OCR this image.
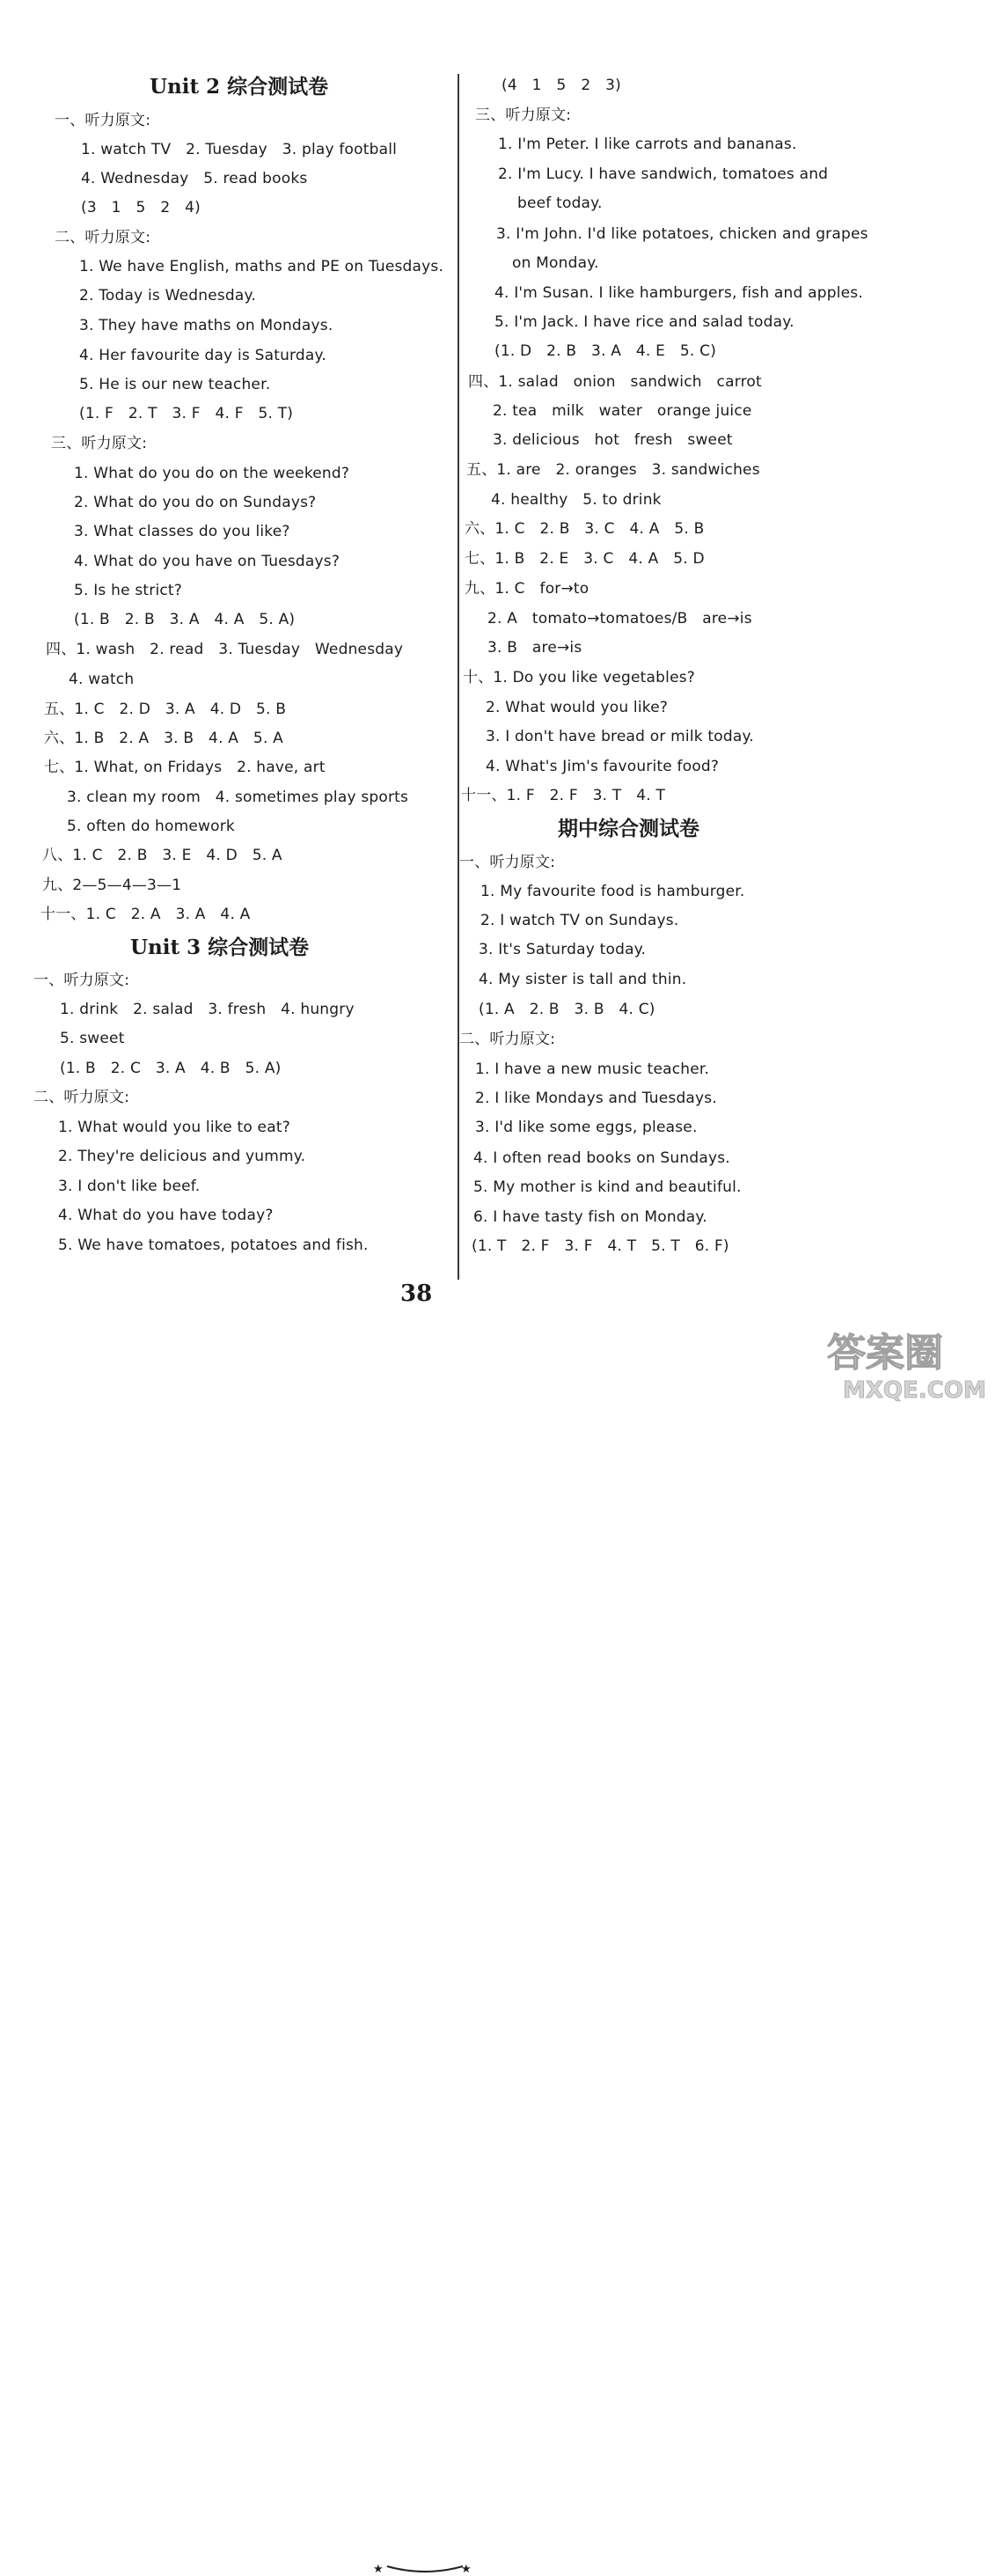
Unit 2 综合测试卷
一、听力原文:
1. watch TV   2. Tuesday   3. play football
4. Wednesday   5. read books
(3   1   5   2   4)
二、听力原文:
1. We have English, maths and PE on Tuesdays.
2. Today is Wednesday.
3. They have maths on Mondays.
4. Her favourite day is Saturday.
5. He is our new teacher.
(1. F   2. T   3. F   4. F   5. T)
三、听力原文:
1. What do you do on the weekend?
2. What do you do on Sundays?
3. What classes do you like?
4. What do you have on Tuesdays?
5. Is he strict?
(1. B   2. B   3. A   4. A   5. A)
四、1. wash   2. read   3. Tuesday   Wednesday
4. watch
五、1. C   2. D   3. A   4. D   5. B
六、1. B   2. A   3. B   4. A   5. A
七、1. What, on Fridays   2. have, art
3. clean my room   4. sometimes play sports
5. often do homework
八、1. C   2. B   3. E   4. D   5. A
九、2—5—4—3—1
十一、1. C   2. A   3. A   4. A
Unit 3 综合测试卷
一、听力原文:
1. drink   2. salad   3. fresh   4. hungry
5. sweet
(1. B   2. C   3. A   4. B   5. A)
二、听力原文:
1. What would you like to eat?
2. They're delicious and yummy.
3. I don't like beef.
4. What do you have today?
5. We have tomatoes, potatoes and fish.
(4   1   5   2   3)
三、听力原文:
1. I'm Peter. I like carrots and bananas.
2. I'm Lucy. I have sandwich, tomatoes and
beef today.
3. I'm John. I'd like potatoes, chicken and grapes
on Monday.
4. I'm Susan. I like hamburgers, fish and apples.
5. I'm Jack. I have rice and salad today.
(1. D   2. B   3. A   4. E   5. C)
四、1. salad   onion   sandwich   carrot
2. tea   milk   water   orange juice
3. delicious   hot   fresh   sweet
五、1. are   2. oranges   3. sandwiches
4. healthy   5. to drink
六、1. C   2. B   3. C   4. A   5. B
七、1. B   2. E   3. C   4. A   5. D
九、1. C   for→to
2. A   tomato→tomatoes/B   are→is
3. B   are→is
十、1. Do you like vegetables?
2. What would you like?
3. I don't have bread or milk today.
4. What's Jim's favourite food?
十一、1. F   2. F   3. T   4. T
期中综合测试卷
一、听力原文:
1. My favourite food is hamburger.
2. I watch TV on Sundays.
3. It's Saturday today.
4. My sister is tall and thin.
(1. A   2. B   3. B   4. C)
二、听力原文:
1. I have a new music teacher.
2. I like Mondays and Tuesdays.
3. I'd like some eggs, please.
4. I often read books on Sundays.
5. My mother is kind and beautiful.
6. I have tasty fish on Monday.
(1. T   2. F   3. F   4. T   5. T   6. F)
★	★
38
答案圈
MXQE.COM
